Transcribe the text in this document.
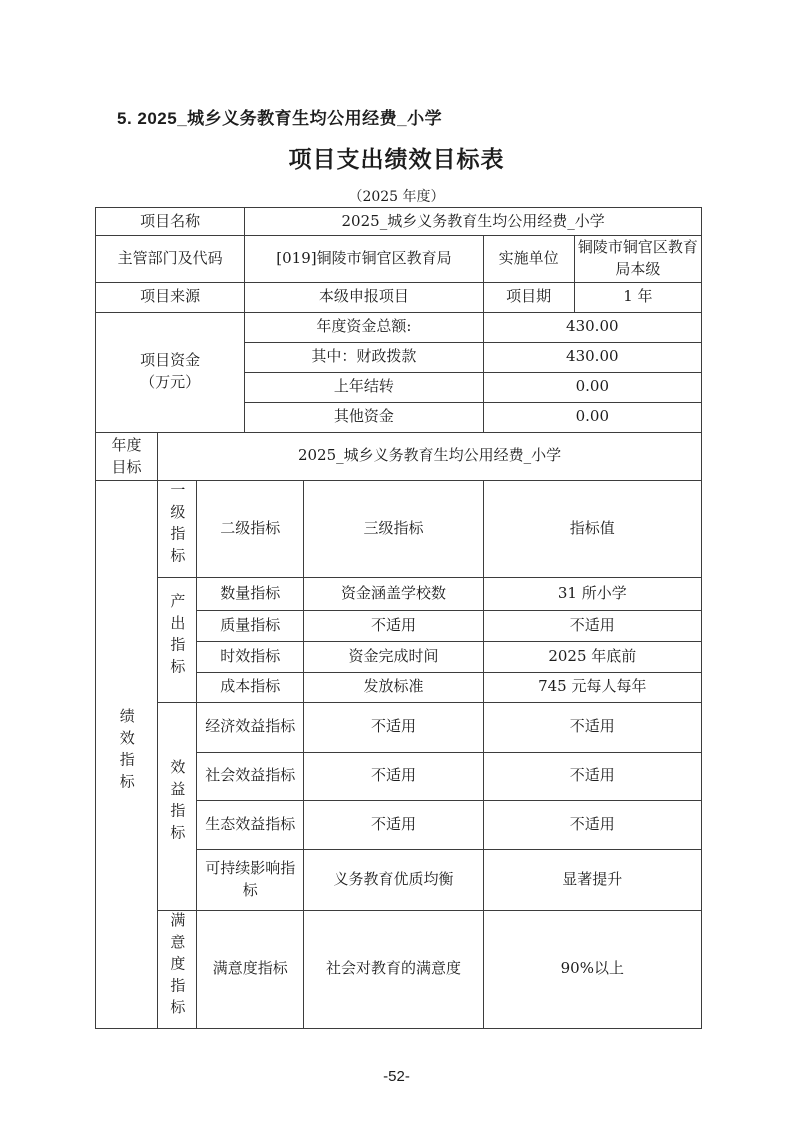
5. 2025_城乡义务教育生均公用经费_小学
项目支出绩效目标表
（2025 年度）
项目名称			2025_城乡义务教育生均公用经费_小学			
主管部门及代码			[019]铜陵市铜官区教育局		实施单位	铜陵市铜官区教育局本级
项目来源			本级申报项目		项目期	1 年
项目资金（万元）			年度资金总额:		430.00	
			其中：财政拨款		430.00	
			上年结转		0.00	
			其他资金		0.00	
年度目标	2025_城乡义务教育生均公用经费_小学					
绩效指标	一级指标	二级指标		三级指标	指标值	
	产出指标	数量指标		资金涵盖学校数	31 所小学	
		质量指标		不适用	不适用	
		时效指标		资金完成时间	2025 年底前	
		成本指标		发放标准	745 元每人每年	
	效益指标	经济效益指标		不适用	不适用	
		社会效益指标		不适用	不适用	
		生态效益指标		不适用	不适用	
		可持续影响指标		义务教育优质均衡	显著提升	
	满意度指标	满意度指标		社会对教育的满意度	90%以上	
-52-
